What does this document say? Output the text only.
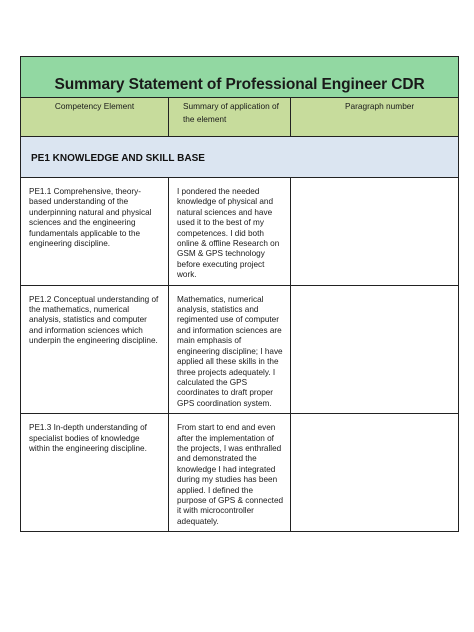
Summary Statement of Professional Engineer CDR		

Competency Element	Summary of application of the element	Paragraph number
PE1 KNOWLEDGE AND SKILL BASE		
PE1.1 Comprehensive, theory-based understanding of the underpinning natural and physical sciences and the engineering fundamentals applicable to the engineering discipline.	I pondered the needed knowledge of physical and natural sciences and have used it to the best of my competences. I did both online & offline Research on GSM & GPS technology before executing project work.	
PE1.2 Conceptual understanding of the mathematics, numerical analysis, statistics and computer and information sciences which underpin the engineering discipline.	Mathematics, numerical analysis, statistics and regimented use of computer and information sciences are main emphasis of engineering discipline; I have applied all these skills in the three projects adequately. I calculated the GPS coordinates to draft proper GPS coordination system.	
PE1.3 In-depth understanding of specialist bodies of knowledge within the engineering discipline.	From start to end and even after the implementation of the projects, I was enthralled and demonstrated the knowledge I had integrated during my studies has been applied. I defined the purpose of GPS & connected it with microcontroller adequately.	
